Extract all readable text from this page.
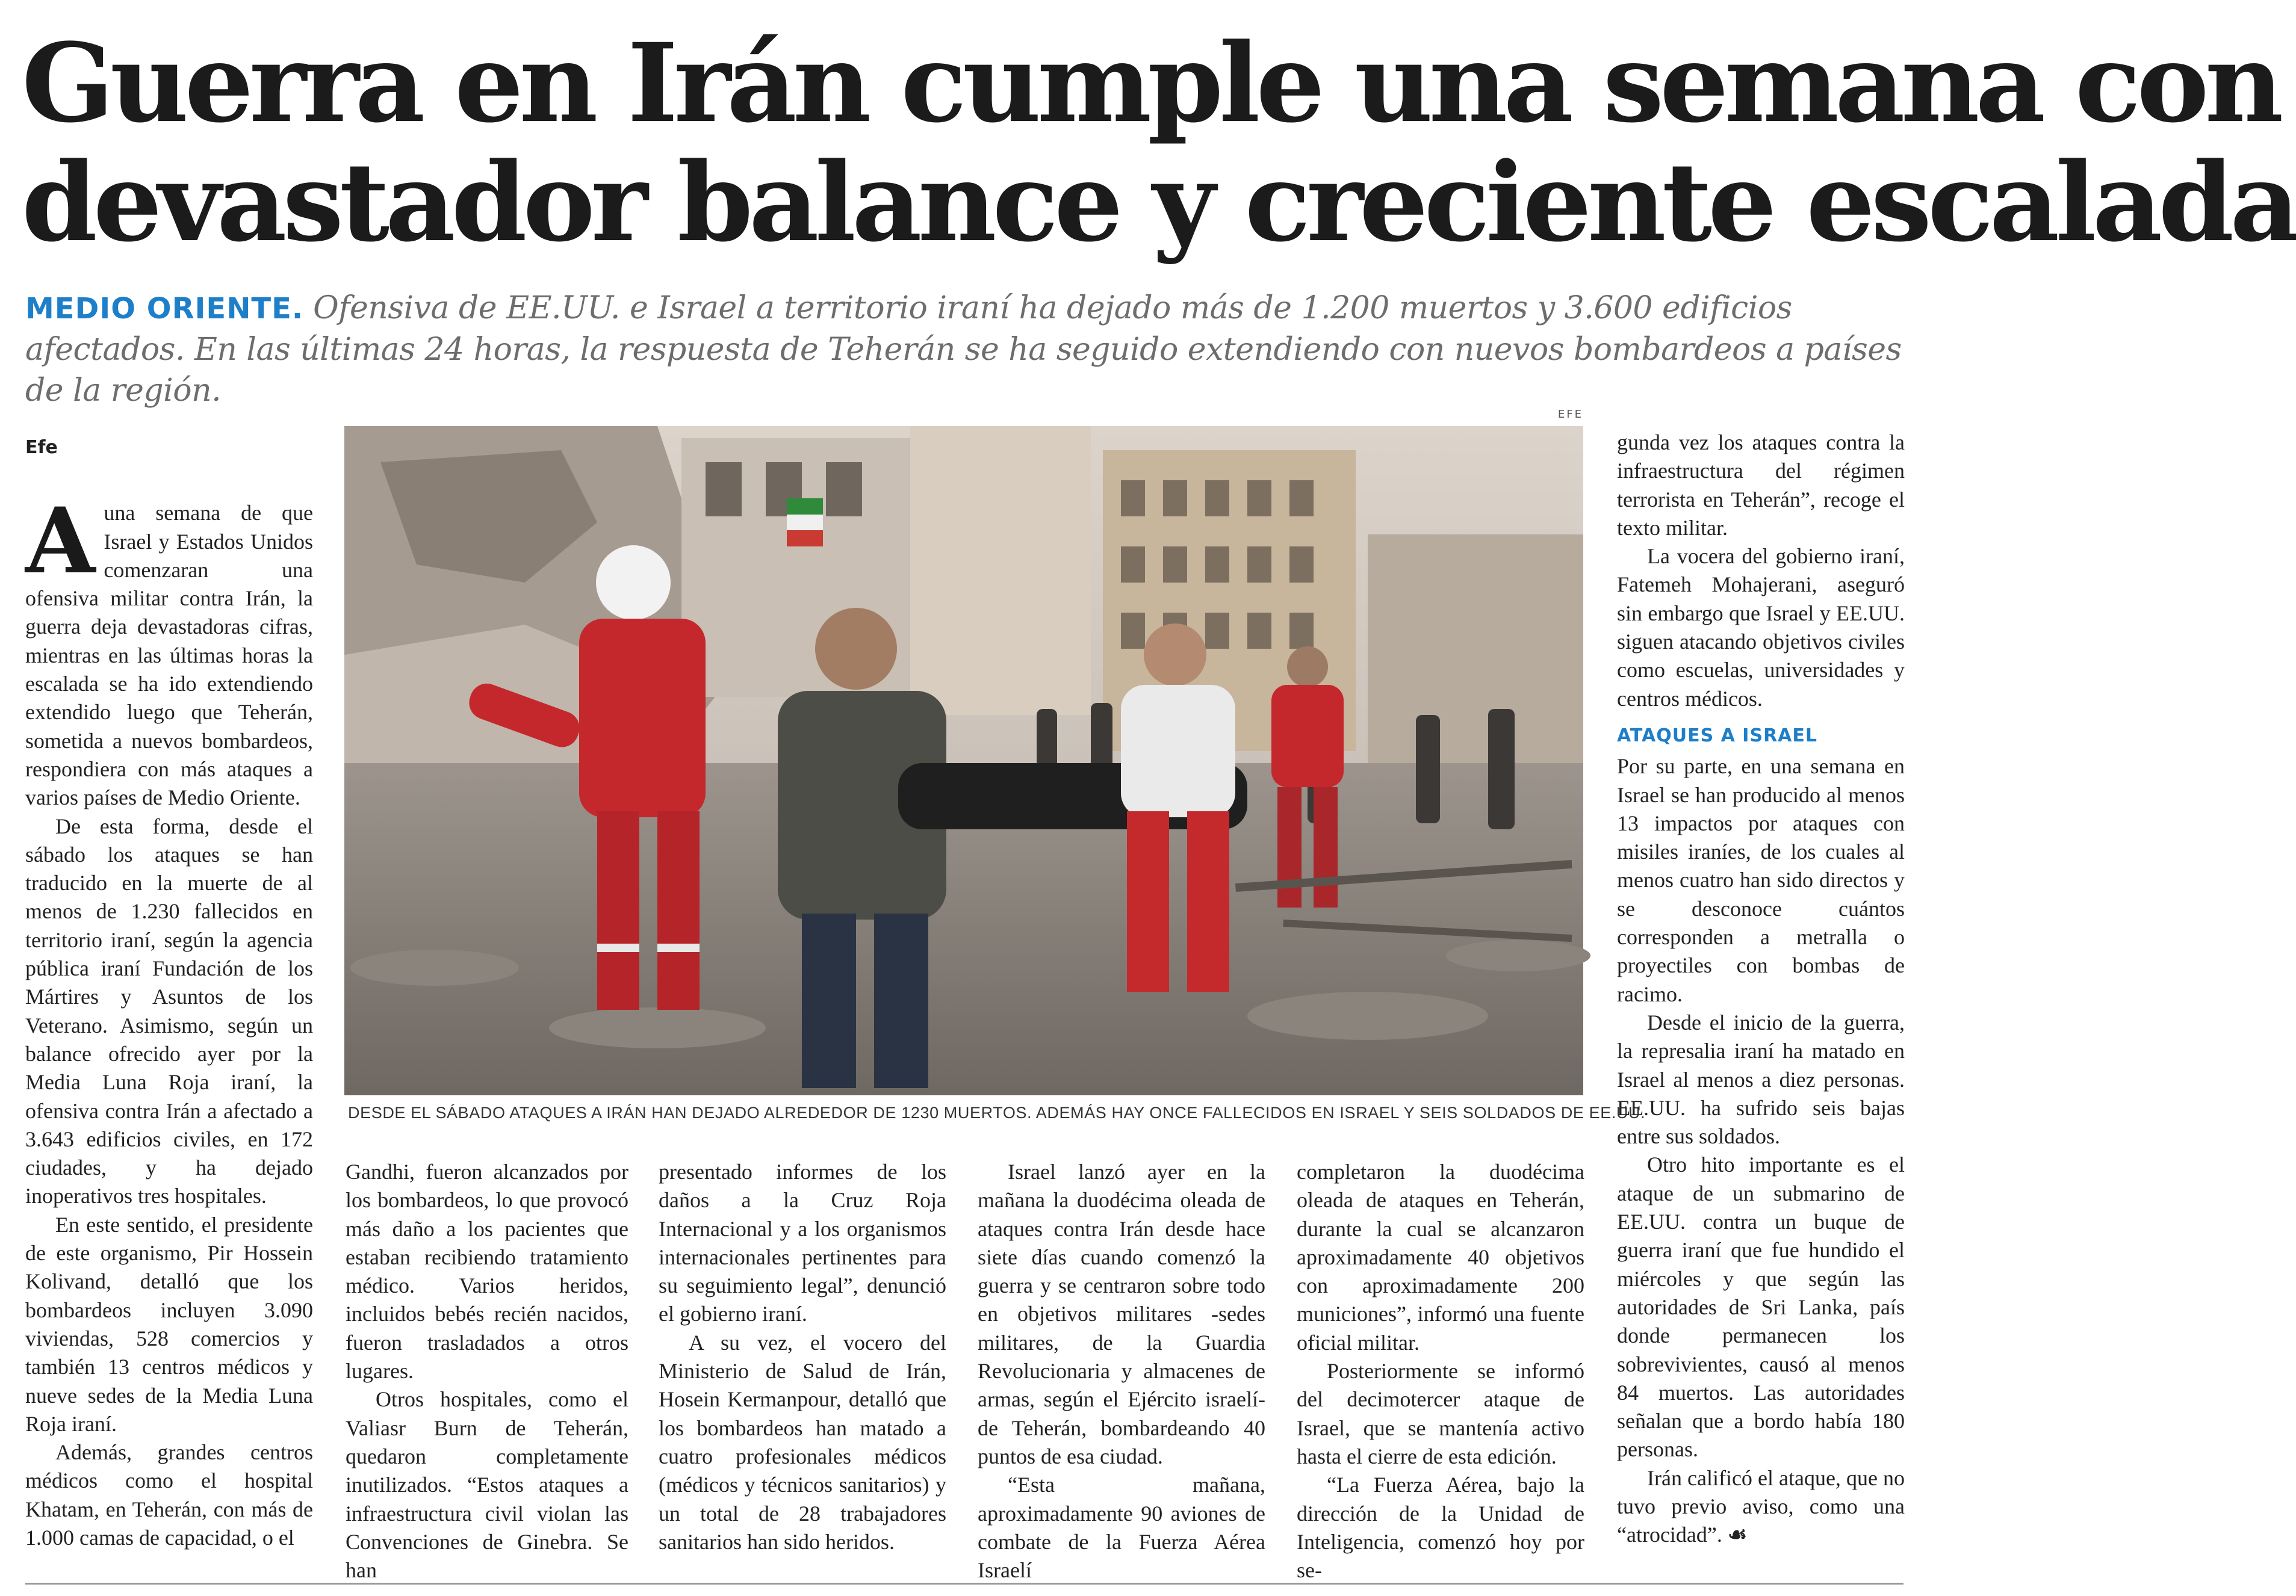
Guerra en Irán cumple una semana con
devastador balance y creciente escalada
MEDIO ORIENTE. Ofensiva de EE.UU. e Israel a territorio iraní ha dejado más de 1.200 muertos y 3.600 edificios afectados. En las últimas 24 horas, la respuesta de Teherán se ha seguido extendiendo con nuevos bombardeos a países de la región.
Efe

Auna semana de que Israel y Estados Unidos comenzaran una ofensiva militar contra Irán, la guerra deja devastadoras cifras, mientras en las últimas horas la escalada se ha ido extendiendo extendido luego que Teherán, sometida a nuevos bombardeos, respondiera con más ataques a varios países de Medio Oriente.

De esta forma, desde el sábado los ataques se han traducido en la muerte de al menos de 1.230 fallecidos en territorio iraní, según la agencia pública iraní Fundación de los Mártires y Asuntos de los Veterano. Asimismo, según un balance ofrecido ayer por la Media Luna Roja iraní, la ofensiva contra Irán a afectado a 3.643 edificios civiles, en 172 ciudades, y ha dejado inoperativos tres hospitales.

En este sentido, el presidente de este organismo, Pir Hossein Kolivand, detalló que los bombardeos incluyen 3.090 viviendas, 528 comercios y también 13 centros médicos y nueve sedes de la Media Luna Roja iraní.

Además, grandes centros médicos como el hospital Khatam, en Teherán, con más de 1.000 camas de capacidad, o el

EFE
DESDE EL SÁBADO ATAQUES A IRÁN HAN DEJADO ALREDEDOR DE 1230 MUERTOS. ADEMÁS HAY ONCE FALLECIDOS EN ISRAEL Y SEIS SOLDADOS DE EE.UU.

Gandhi, fueron alcanzados por los bombardeos, lo que provocó más daño a los pacientes que estaban recibiendo tratamiento médico. Varios heridos, incluidos bebés recién nacidos, fueron trasladados a otros lugares.

Otros hospitales, como el Valiasr Burn de Teherán, quedaron completamente inutilizados. “Estos ataques a infraestructura civil violan las Convenciones de Ginebra. Se han

presentado informes de los daños a la Cruz Roja Internacional y a los organismos internacionales pertinentes para su seguimiento legal”, denunció el gobierno iraní.

A su vez, el vocero del Ministerio de Salud de Irán, Hosein Kermanpour, detalló que los bombardeos han matado a cuatro profesionales médicos (médicos y técnicos sanitarios) y un total de 28 trabajadores sanitarios han sido heridos.

Israel lanzó ayer en la mañana la duodécima oleada de ataques contra Irán desde hace siete días cuando comenzó la guerra y se centraron sobre todo en objetivos militares -sedes militares, de la Guardia Revolucionaria y almacenes de armas, según el Ejército israelí- de Teherán, bombardeando 40 puntos de esa ciudad.

“Esta mañana, aproximadamente 90 aviones de combate de la Fuerza Aérea Israelí

completaron la duodécima oleada de ataques en Teherán, durante la cual se alcanzaron aproximadamente 40 objetivos con aproximadamente 200 municiones”, informó una fuente oficial militar.

Posteriormente se informó del decimotercer ataque de Israel, que se mantenía activo hasta el cierre de esta edición.

“La Fuerza Aérea, bajo la dirección de la Unidad de Inteligencia, comenzó hoy por se-

gunda vez los ataques contra la infraestructura del régimen terrorista en Teherán”, recoge el texto militar.

La vocera del gobierno iraní, Fatemeh Mohajerani, aseguró sin embargo que Israel y EE.UU. siguen atacando objetivos civiles como escuelas, universidades y centros médicos.

ATAQUES A ISRAEL

Por su parte, en una semana en Israel se han producido al menos 13 impactos por ataques con misiles iraníes, de los cuales al menos cuatro han sido directos y se desconoce cuántos corresponden a metralla o proyectiles con bombas de racimo.

Desde el inicio de la guerra, la represalia iraní ha matado en Israel al menos a diez personas. EE.UU. ha sufrido seis bajas entre sus soldados.

Otro hito importante es el ataque de un submarino de EE.UU. contra un buque de guerra iraní que fue hundido el miércoles y que según las autoridades de Sri Lanka, país donde permanecen los sobrevivientes, causó al menos 84 muertos. Las autoridades señalan que a bordo había 180 personas.

Irán calificó el ataque, que no tuvo previo aviso, como una “atrocidad”. ☙
